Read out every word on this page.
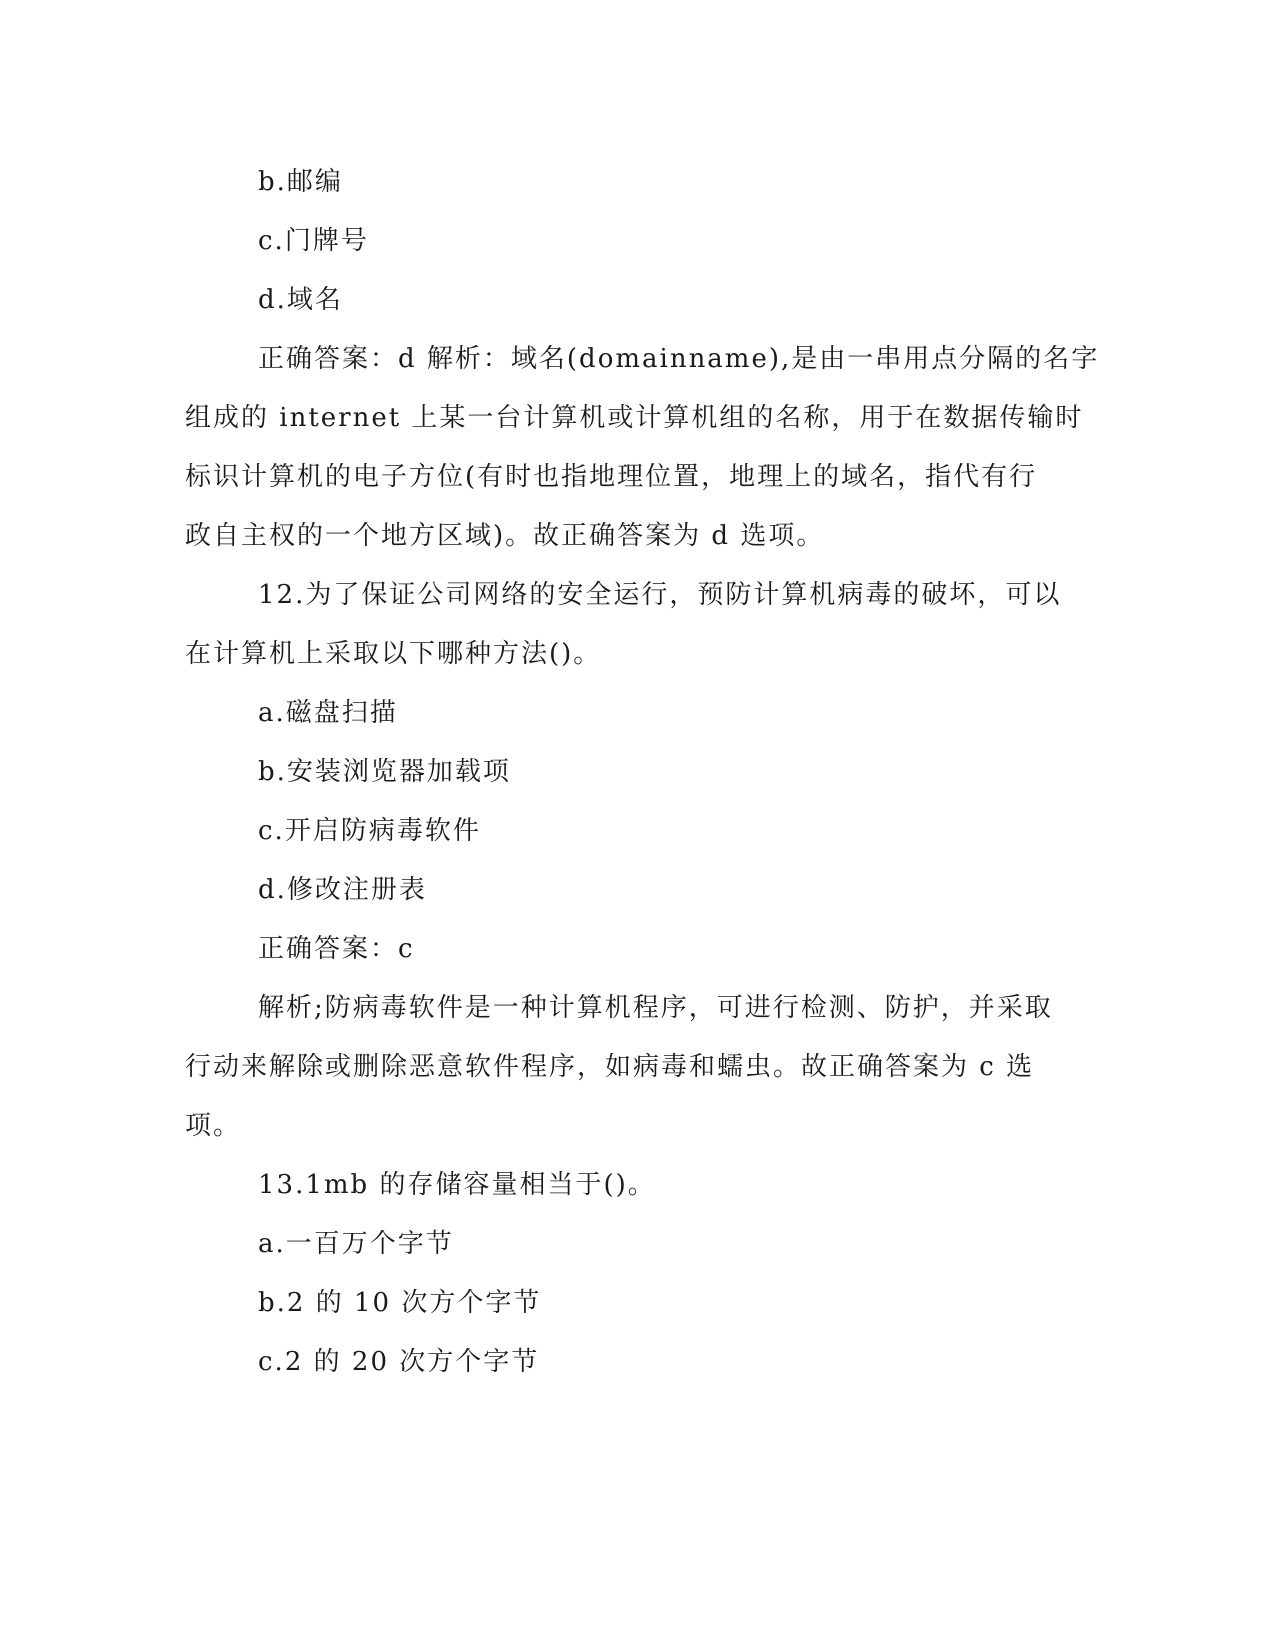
b.邮编
c.门牌号
d.域名
正确答案：d 解析：域名(domainname),是由一串用点分隔的名字
组成的 internet 上某一台计算机或计算机组的名称，用于在数据传输时
标识计算机的电子方位(有时也指地理位置，地理上的域名，指代有行
政自主权的一个地方区域)。故正确答案为 d 选项。
12.为了保证公司网络的安全运行，预防计算机病毒的破坏，可以
在计算机上采取以下哪种方法()。
a.磁盘扫描
b.安装浏览器加载项
c.开启防病毒软件
d.修改注册表
正确答案：c
解析;防病毒软件是一种计算机程序，可进行检测、防护，并采取
行动来解除或删除恶意软件程序，如病毒和蠕虫。故正确答案为 c 选
项。
13.1mb 的存储容量相当于()。
a.一百万个字节
b.2 的 10 次方个字节
c.2 的 20 次方个字节
